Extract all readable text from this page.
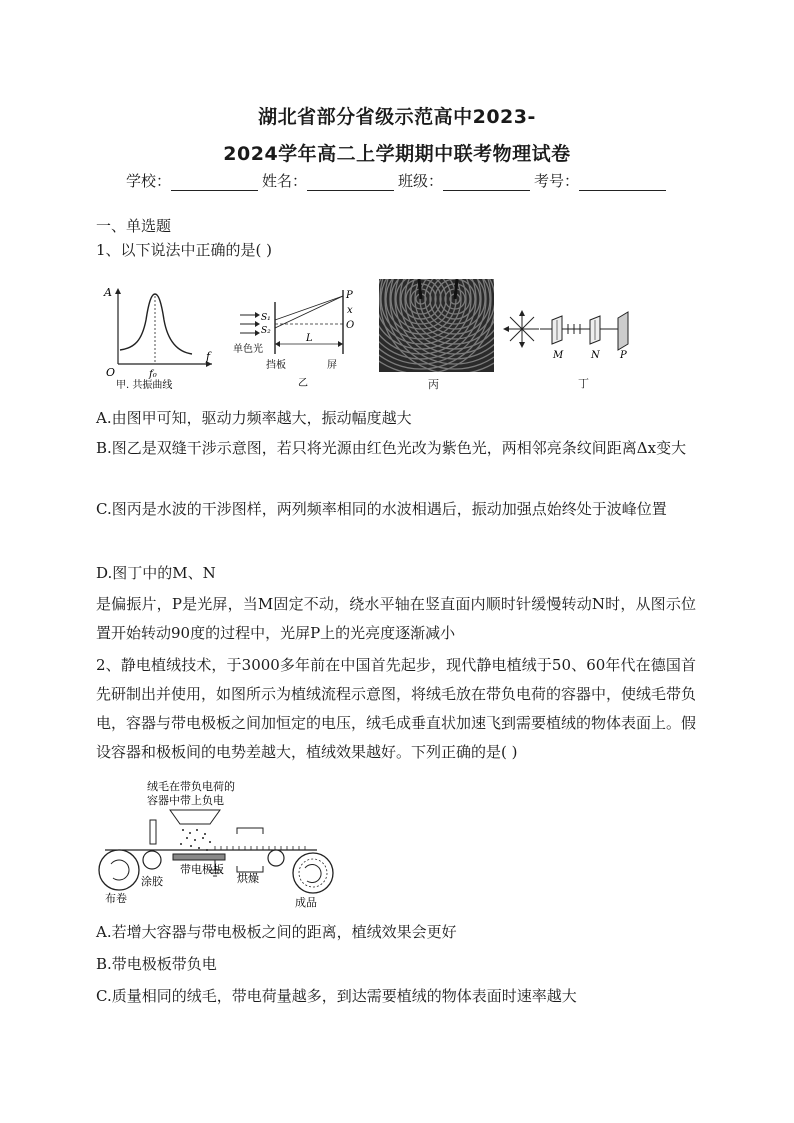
湖北省部分省级示范高中2023-
2024学年高二上学期期中联考物理试卷
学校：	姓名：	班级：	考号：
一、单选题
1、以下说法中正确的是( )
A
f
O	f₀
甲. 共振曲线
S₁
S₂
P
x
O
L
单色光
挡板	屏
乙	丙
M	N P
丁
A.由图甲可知，驱动力频率越大，振动幅度越大
B.图乙是双缝干涉示意图，若只将光源由红色光改为紫色光，两相邻亮条纹间距离Δx变大
C.图丙是水波的干涉图样，两列频率相同的水波相遇后，振动加强点始终处于波峰位置
D.图丁中的M、N
是偏振片，P是光屏，当M固定不动，绕水平轴在竖直面内顺时针缓慢转动N时，从图示位置开始转动90度的过程中，光屏P上的光亮度逐渐减小
2、静电植绒技术，于3000多年前在中国首先起步，现代静电植绒于50、60年代在德国首先研制出并使用，如图所示为植绒流程示意图，将绒毛放在带负电荷的容器中，使绒毛带负电，容器与带电极板之间加恒定的电压，绒毛成垂直状加速飞到需要植绒的物体表面上。假设容器和极板间的电势差越大，植绒效果越好。下列正确的是( )
绒毛在带负电荷的
容器中带上负电
带电极板
涂胶	烘燥
布卷	成品
A.若增大容器与带电极板之间的距离，植绒效果会更好
B.带电极板带负电
C.质量相同的绒毛，带电荷量越多，到达需要植绒的物体表面时速率越大
